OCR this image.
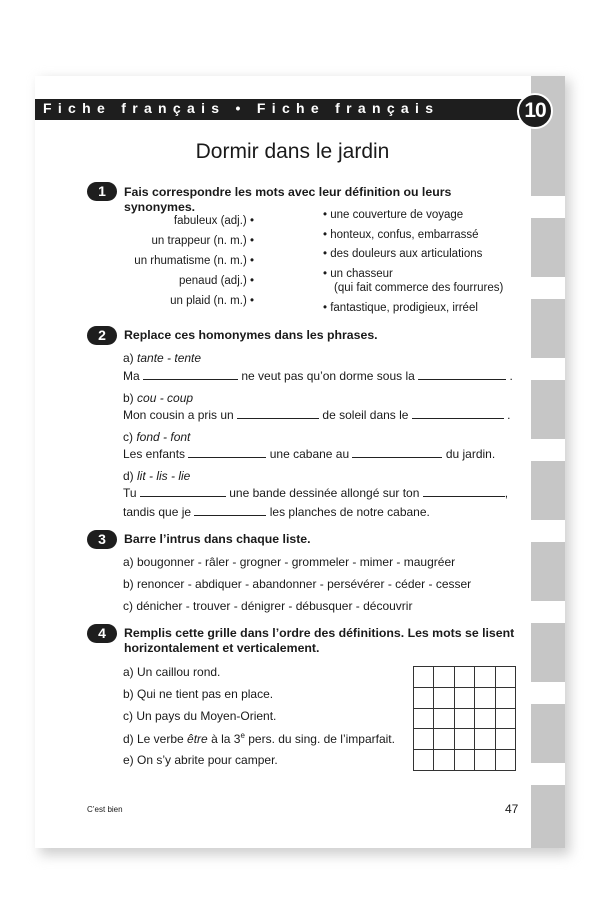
Fiche français • Fiche français	10
Dormir dans le jardin
1	Fais correspondre les mots avec leur définition ou leurs synonymes.
fabuleux (adj.) •
un trappeur (n. m.) •
un rhumatisme (n. m.) •
penaud (adj.) •
un plaid (n. m.) •
• une couverture de voyage
• honteux, confus, embarrassé
• des douleurs aux articulations
• un chasseur
(qui fait commerce des fourrures)
• fantastique, prodigieux, irréel
2	Replace ces homonymes dans les phrases.
a) tante - tente
Ma	ne veut pas qu’on dorme sous la	.
b) cou - coup
Mon cousin a pris un	de soleil dans le	.
c) fond - font
Les enfants	une cabane au	du jardin.
d) lit - lis - lie
Tu	une bande dessinée allongé sur ton	,
tandis que je	les planches de notre cabane.
3	Barre l’intrus dans chaque liste.
a) bougonner - râler - grogner - grommeler - mimer - maugréer
b) renoncer - abdiquer - abandonner - persévérer - céder - cesser
c) dénicher - trouver - dénigrer - débusquer - découvrir
4	Remplis cette grille dans l’ordre des définitions. Les mots se lisent horizontalement et verticalement.
a) Un caillou rond.
b) Qui ne tient pas en place.
c) Un pays du Moyen-Orient.
d) Le verbe être à la 3e pers. du sing. de l’imparfait.
e) On s’y abrite pour camper.

C’est bien	47
